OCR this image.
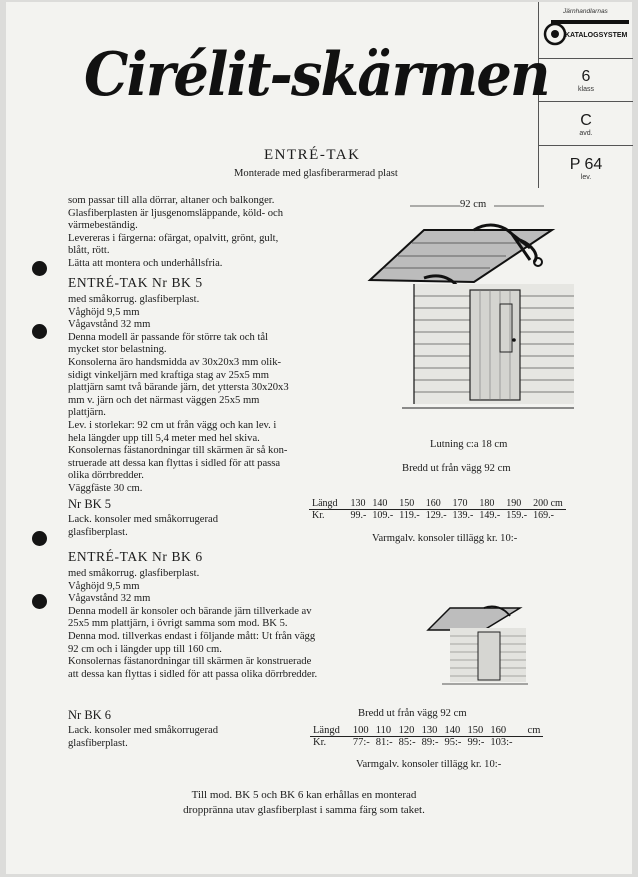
Järnhandlarnas
KATALOGSYSTEM
6
klass
C
avd.
P 64
lev.
Cirélit-skärmen
ENTRÉ-TAK
Monterade med glasfiberarmerad plast
som passar till alla dörrar, altaner och balkonger.
Glasfiberplasten är ljusgenomsläppande, köld- och
värmebeständig.
Levereras i färgerna: ofärgat, opalvitt, grönt, gult,
blått, rött.
Lätta att montera och underhållsfria.
ENTRÉ-TAK Nr BK 5
med småkorrug. glasfiberplast.
Våghöjd 9,5 mm
Vågavstånd 32 mm
Denna modell är passande för större tak och tål
mycket stor belastning.
Konsolerna äro handsmidda av 30x20x3 mm olik-
sidigt vinkeljärn med kraftiga stag av 25x5 mm
plattjärn samt två bärande järn, det yttersta 30x20x3
mm v. järn och det närmast väggen 25x5 mm
plattjärn.
Lev. i storlekar: 92 cm ut från vägg och kan lev. i
hela längder upp till 5,4 meter med hel skiva.
Konsolernas fästanordningar till skärmen är så kon-
struerade att dessa kan flyttas i sidled för att passa
olika dörrbredder.
Väggfäste 30 cm.
Nr BK 5
Lack. konsoler med småkorrugerad
glasfiberplast.
92 cm
Lutning c:a 18 cm
Bredd ut från vägg 92 cm
Längd	130	140	150	160	170	180	190	200 cm
Kr.	99.-	109.-	119.-	129.-	139.-	149.-	159.-	169.-
Varmgalv. konsoler tillägg kr. 10:-
ENTRÉ-TAK Nr BK 6
med småkorrug. glasfiberplast.
Våghöjd 9,5 mm
Vågavstånd 32 mm
Denna modell är konsoler och bärande järn tillverkade av
25x5 mm plattjärn, i övrigt samma som mod. BK 5.
Denna mod. tillverkas endast i följande mått: Ut från vägg
92 cm och i längder upp till 160 cm.
Konsolernas fästanordningar till skärmen är konstruerade
att dessa kan flyttas i sidled för att passa olika dörrbredder.
Nr BK 6
Lack. konsoler med småkorrugerad
glasfiberplast.
Bredd ut från vägg 92 cm
Längd	100	110	120	130	140	150	160	cm
Kr.	77:-	81:-	85:-	89:-	95:-	99:-	103:-	
Varmgalv. konsoler tillägg kr. 10:-
Till mod. BK 5 och BK 6 kan erhållas en monterad
droppränna utav glasfiberplast i samma färg som taket.
